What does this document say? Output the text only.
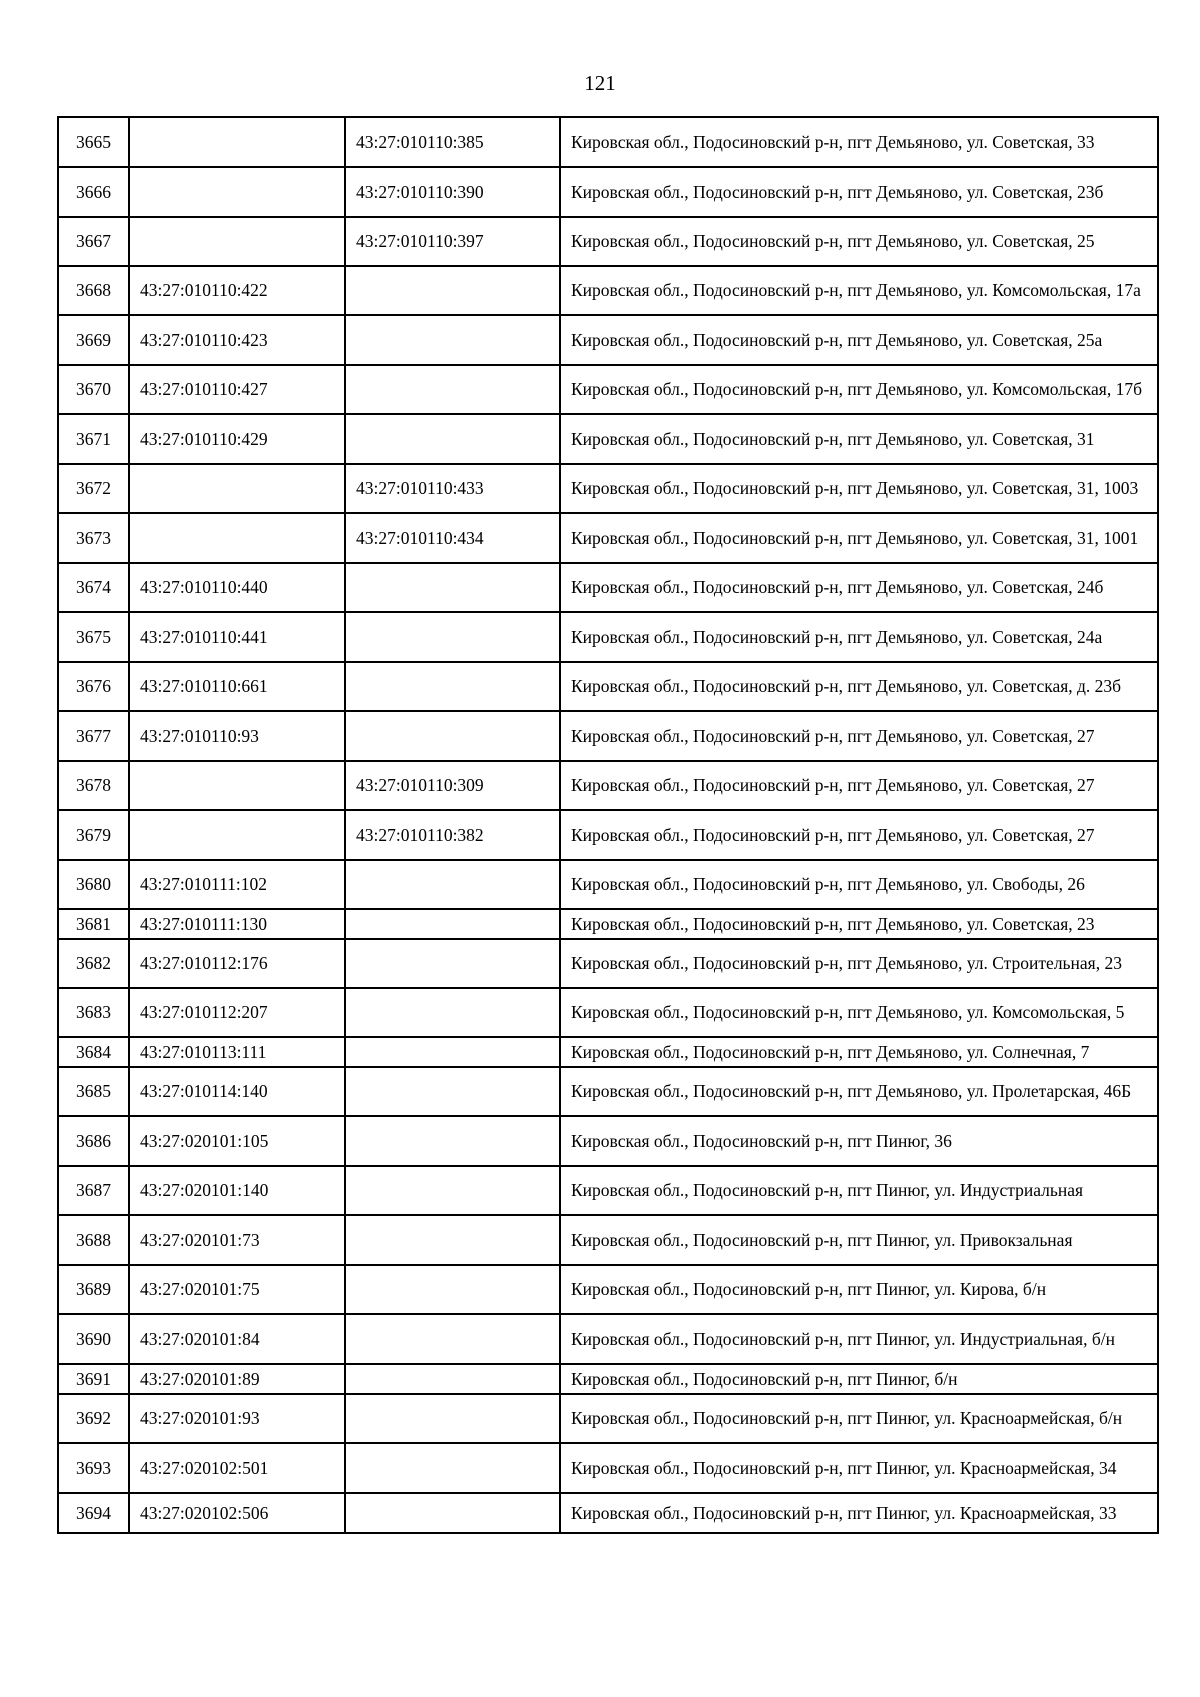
121
3665		43:27:010110:385	Кировская обл., Подосиновский р-н, пгт Демьяново, ул. Советская, 33
3666		43:27:010110:390	Кировская обл., Подосиновский р-н, пгт Демьяново, ул. Советская, 23б
3667		43:27:010110:397	Кировская обл., Подосиновский р-н, пгт Демьяново, ул. Советская, 25
3668	43:27:010110:422		Кировская обл., Подосиновский р-н, пгт Демьяново, ул. Комсомольская, 17а
3669	43:27:010110:423		Кировская обл., Подосиновский р-н, пгт Демьяново, ул. Советская, 25а
3670	43:27:010110:427		Кировская обл., Подосиновский р-н, пгт Демьяново, ул. Комсомольская, 17б
3671	43:27:010110:429		Кировская обл., Подосиновский р-н, пгт Демьяново, ул. Советская, 31
3672		43:27:010110:433	Кировская обл., Подосиновский р-н, пгт Демьяново, ул. Советская, 31, 1003
3673		43:27:010110:434	Кировская обл., Подосиновский р-н, пгт Демьяново, ул. Советская, 31, 1001
3674	43:27:010110:440		Кировская обл., Подосиновский р-н, пгт Демьяново, ул. Советская, 24б
3675	43:27:010110:441		Кировская обл., Подосиновский р-н, пгт Демьяново, ул. Советская, 24а
3676	43:27:010110:661		Кировская обл., Подосиновский р-н, пгт Демьяново, ул. Советская, д. 23б
3677	43:27:010110:93		Кировская обл., Подосиновский р-н, пгт Демьяново, ул. Советская, 27
3678		43:27:010110:309	Кировская обл., Подосиновский р-н, пгт Демьяново, ул. Советская, 27
3679		43:27:010110:382	Кировская обл., Подосиновский р-н, пгт Демьяново, ул. Советская, 27
3680	43:27:010111:102		Кировская обл., Подосиновский р-н, пгт Демьяново, ул. Свободы, 26
3681	43:27:010111:130		Кировская обл., Подосиновский р-н, пгт Демьяново, ул. Советская, 23
3682	43:27:010112:176		Кировская обл., Подосиновский р-н, пгт Демьяново, ул. Строительная, 23
3683	43:27:010112:207		Кировская обл., Подосиновский р-н, пгт Демьяново, ул. Комсомольская, 5
3684	43:27:010113:111		Кировская обл., Подосиновский р-н, пгт Демьяново, ул. Солнечная, 7
3685	43:27:010114:140		Кировская обл., Подосиновский р-н, пгт Демьяново, ул. Пролетарская, 46Б
3686	43:27:020101:105		Кировская обл., Подосиновский р-н, пгт Пинюг, 36
3687	43:27:020101:140		Кировская обл., Подосиновский р-н, пгт Пинюг, ул. Индустриальная
3688	43:27:020101:73		Кировская обл., Подосиновский р-н, пгт Пинюг, ул. Привокзальная
3689	43:27:020101:75		Кировская обл., Подосиновский р-н, пгт Пинюг, ул. Кирова, б/н
3690	43:27:020101:84		Кировская обл., Подосиновский р-н, пгт Пинюг, ул. Индустриальная, б/н
3691	43:27:020101:89		Кировская обл., Подосиновский р-н, пгт Пинюг, б/н
3692	43:27:020101:93		Кировская обл., Подосиновский р-н, пгт Пинюг, ул. Красноармейская, б/н
3693	43:27:020102:501		Кировская обл., Подосиновский р-н, пгт Пинюг, ул. Красноармейская, 34
3694	43:27:020102:506		Кировская обл., Подосиновский р-н, пгт Пинюг, ул. Красноармейская, 33
